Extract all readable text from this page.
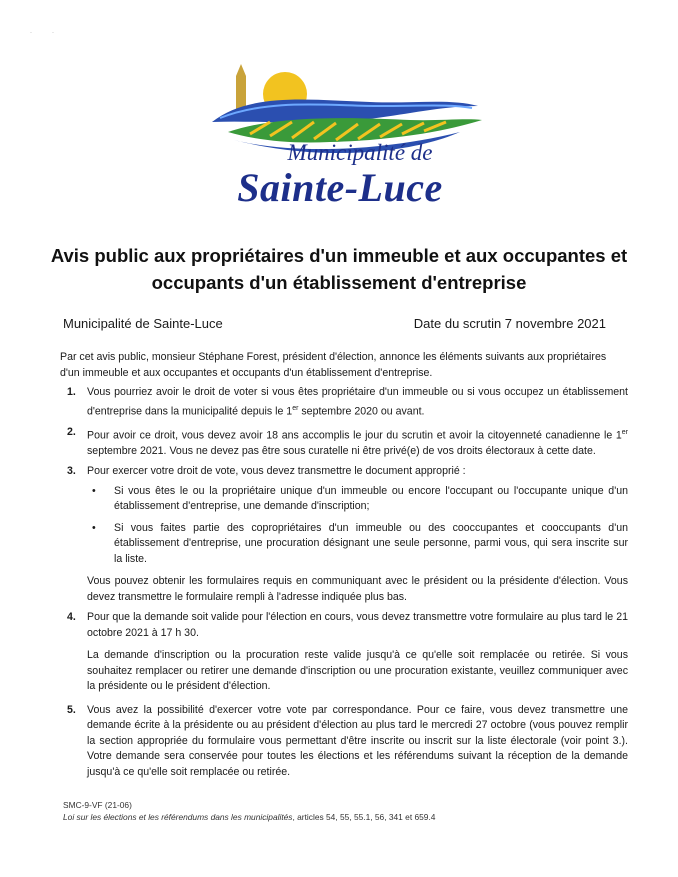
·            ·
Municipalité de
Sainte-Luce
Avis public aux propriétaires d'un immeuble et aux occupantes et occupants d'un établissement d'entreprise
Municipalité de Sainte-Luce	Date du scrutin 7 novembre 2021

Par cet avis public, monsieur Stéphane Forest, président d'élection, annonce les éléments suivants aux propriétaires d'un immeuble et aux occupantes et occupants d'un établissement d'entreprise.

1. Vous pourriez avoir le droit de voter si vous êtes propriétaire d'un immeuble ou si vous occupez un établissement d'entreprise dans la municipalité depuis le 1er septembre 2020 ou avant.

2. Pour avoir ce droit, vous devez avoir 18 ans accomplis le jour du scrutin et avoir la citoyenneté canadienne le 1er septembre 2021. Vous ne devez pas être sous curatelle ni être privé(e) de vos droits électoraux à cette date.

3. Pour exercer votre droit de vote, vous devez transmettre le document approprié :

• Si vous êtes le ou la propriétaire unique d'un immeuble ou encore l'occupant ou l'occupante unique d'un établissement d'entreprise, une demande d'inscription;
• Si vous faites partie des copropriétaires d'un immeuble ou des cooccupantes et cooccupants d'un établissement d'entreprise, une procuration désignant une seule personne, parmi vous, qui sera inscrite sur la liste.

Vous pouvez obtenir les formulaires requis en communiquant avec le président ou la présidente d'élection. Vous devez transmettre le formulaire rempli à l'adresse indiquée plus bas.

4. Pour que la demande soit valide pour l'élection en cours, vous devez transmettre votre formulaire au plus tard le 21 octobre 2021 à 17 h 30.

La demande d'inscription ou la procuration reste valide jusqu'à ce qu'elle soit remplacée ou retirée. Si vous souhaitez remplacer ou retirer une demande d'inscription ou une procuration existante, veuillez communiquer avec la présidente ou le président d'élection.

5. Vous avez la possibilité d'exercer votre vote par correspondance. Pour ce faire, vous devez transmettre une demande écrite à la présidente ou au président d'élection au plus tard le mercredi 27 octobre (vous pouvez remplir la section appropriée du formulaire vous permettant d'être inscrite ou inscrit sur la liste électorale (voir point 3.). Votre demande sera conservée pour toutes les élections et les référendums suivant la réception de la demande jusqu'à ce qu'elle soit remplacée ou retirée.

SMC-9-VF (21-06)
Loi sur les élections et les référendums dans les municipalités, articles 54, 55, 55.1, 56, 341 et 659.4
